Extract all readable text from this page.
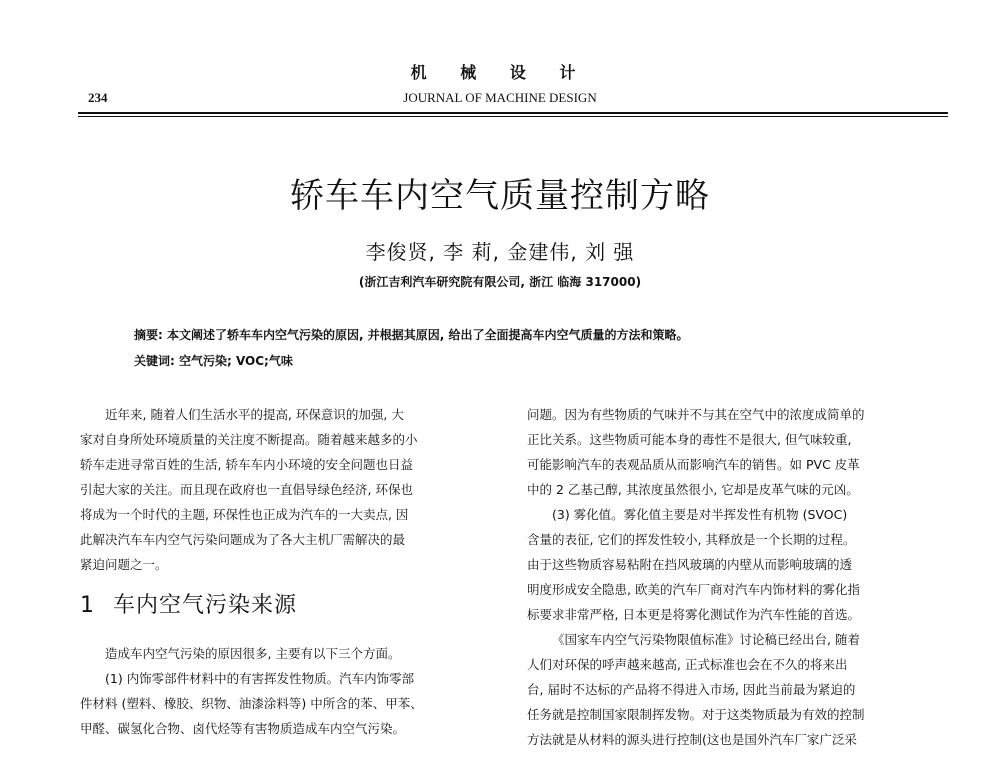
机 械 设 计
234	JOURNAL OF MACHINE DESIGN
轿车车内空气质量控制方略
李俊贤, 李 莉, 金建伟, 刘 强
(浙江吉利汽车研究院有限公司, 浙江 临海 317000)
摘要: 本文阐述了轿车车内空气污染的原因, 并根据其原因, 给出了全面提高车内空气质量的方法和策略。
关键词: 空气污染; VOC;气味
近年来, 随着人们生活水平的提高, 环保意识的加强, 大
家对自身所处环境质量的关注度不断提高。随着越来越多的小
轿车走进寻常百姓的生活, 轿车车内小环境的安全问题也日益
引起大家的关注。而且现在政府也一直倡导绿色经济, 环保也
将成为一个时代的主题, 环保性也正成为汽车的一大卖点, 因
此解决汽车车内空气污染问题成为了各大主机厂需解决的最
紧迫问题之一。
1 车内空气污染来源
造成车内空气污染的原因很多, 主要有以下三个方面。
(1) 内饰零部件材料中的有害挥发性物质。汽车内饰零部
件材料 (塑料、橡胶、织物、油漆涂料等) 中所含的苯、甲苯、
甲醛、碳氢化合物、卤代烃等有害物质造成车内空气污染。
问题。因为有些物质的气味并不与其在空气中的浓度成简单的
正比关系。这些物质可能本身的毒性不是很大, 但气味较重,
可能影响汽车的表观品质从而影响汽车的销售。如 PVC 皮革
中的 2 乙基己醇, 其浓度虽然很小, 它却是皮革气味的元凶。
(3) 雾化值。雾化值主要是对半挥发性有机物 (SVOC)
含量的表征, 它们的挥发性较小, 其释放是一个长期的过程。
由于这些物质容易粘附在挡风玻璃的内壁从而影响玻璃的透
明度形成安全隐患, 欧美的汽车厂商对汽车内饰材料的雾化指
标要求非常严格, 日本更是将雾化测试作为汽车性能的首选。
《国家车内空气污染物限值标准》讨论稿已经出台, 随着
人们对环保的呼声越来越高, 正式标准也会在不久的将来出
台, 届时不达标的产品将不得进入市场, 因此当前最为紧迫的
任务就是控制国家限制挥发物。对于这类物质最为有效的控制
方法就是从材料的源头进行控制(这也是国外汽车厂家广泛采
